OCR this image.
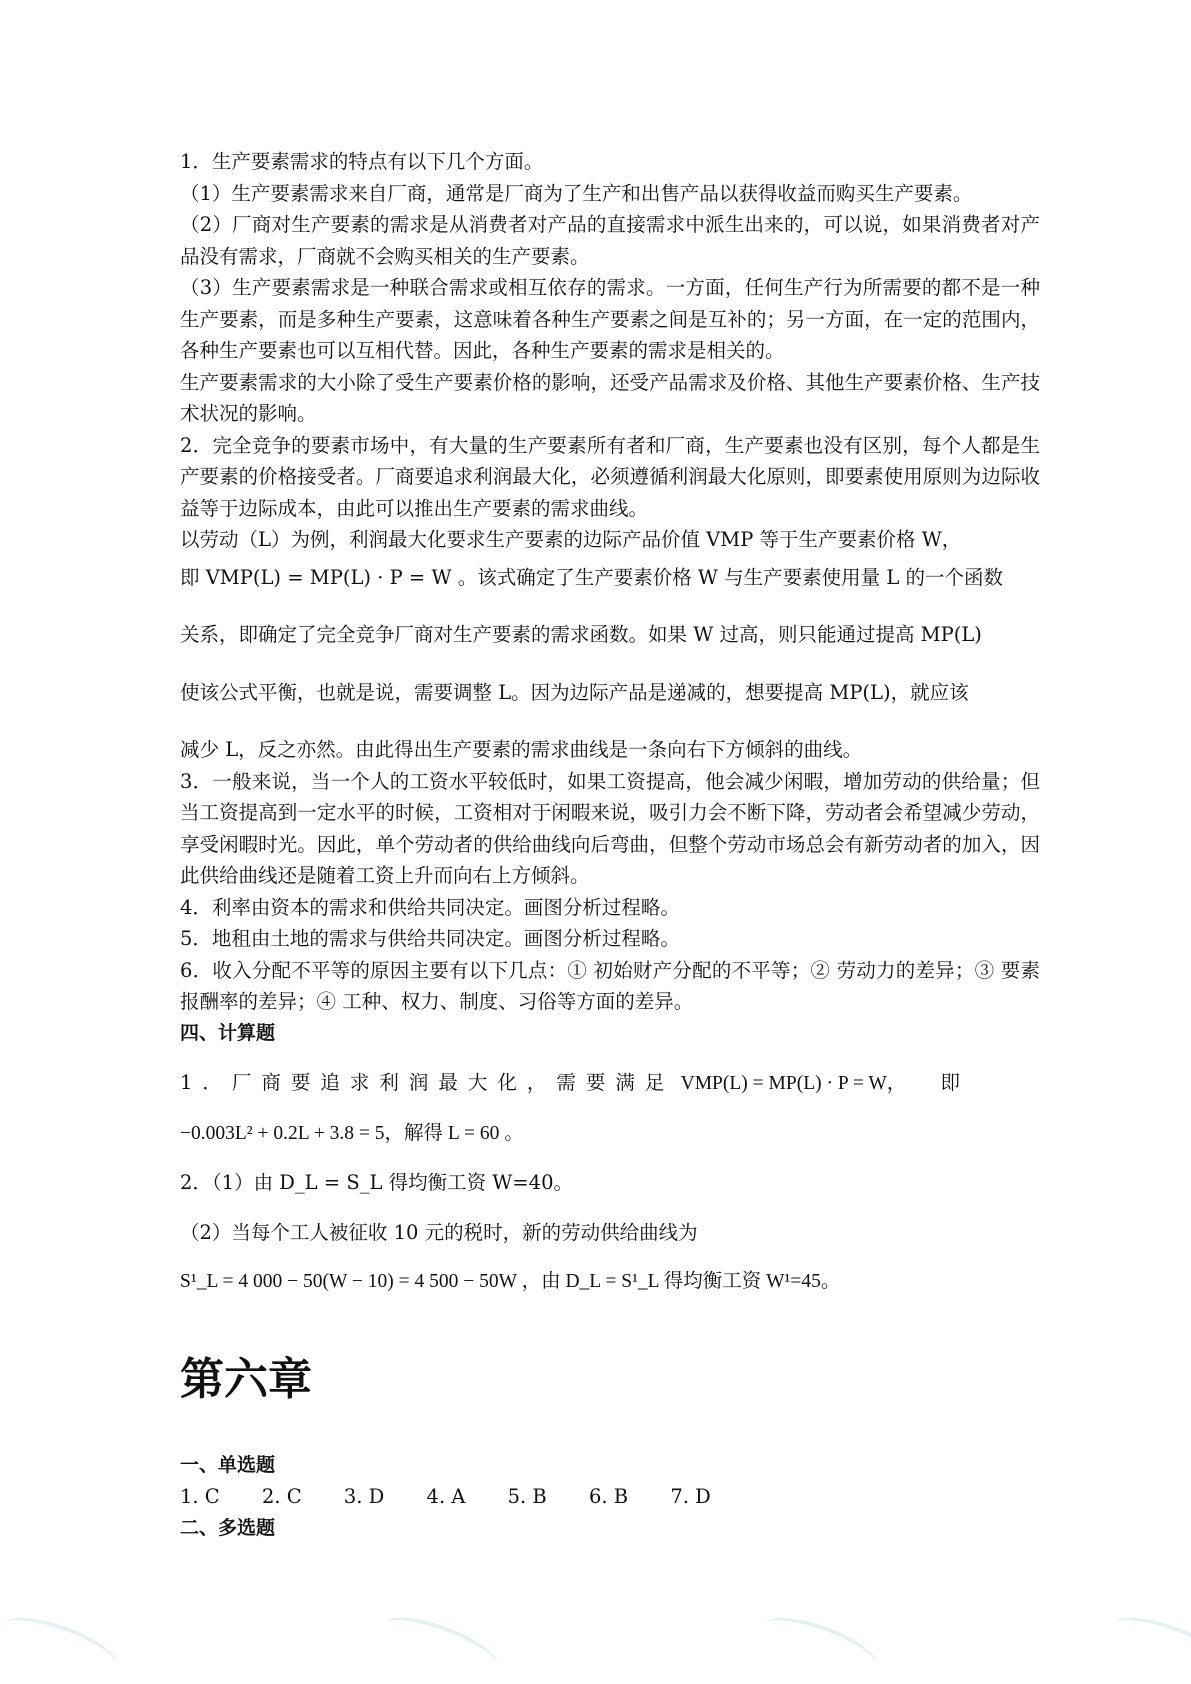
1．生产要素需求的特点有以下几个方面。

（1）生产要素需求来自厂商，通常是厂商为了生产和出售产品以获得收益而购买生产要素。

（2）厂商对生产要素的需求是从消费者对产品的直接需求中派生出来的，可以说，如果消费者对产品没有需求，厂商就不会购买相关的生产要素。

（3）生产要素需求是一种联合需求或相互依存的需求。一方面，任何生产行为所需要的都不是一种生产要素，而是多种生产要素，这意味着各种生产要素之间是互补的；另一方面，在一定的范围内，各种生产要素也可以互相代替。因此，各种生产要素的需求是相关的。

生产要素需求的大小除了受生产要素价格的影响，还受产品需求及价格、其他生产要素价格、生产技术状况的影响。

2．完全竞争的要素市场中，有大量的生产要素所有者和厂商，生产要素也没有区别，每个人都是生产要素的价格接受者。厂商要追求利润最大化，必须遵循利润最大化原则，即要素使用原则为边际收益等于边际成本，由此可以推出生产要素的需求曲线。

以劳动（L）为例，利润最大化要求生产要素的边际产品价值 VMP 等于生产要素价格 W，

即 VMP(L) = MP(L) · P = W 。该式确定了生产要素价格 W 与生产要素使用量 L 的一个函数

关系，即确定了完全竞争厂商对生产要素的需求函数。如果 W 过高，则只能通过提高 MP(L)

使该公式平衡，也就是说，需要调整 L。因为边际产品是递减的，想要提高 MP(L)，就应该

减少 L，反之亦然。由此得出生产要素的需求曲线是一条向右下方倾斜的曲线。

3．一般来说，当一个人的工资水平较低时，如果工资提高，他会减少闲暇，增加劳动的供给量；但当工资提高到一定水平的时候，工资相对于闲暇来说，吸引力会不断下降，劳动者会希望减少劳动，享受闲暇时光。因此，单个劳动者的供给曲线向后弯曲，但整个劳动市场总会有新劳动者的加入，因此供给曲线还是随着工资上升而向右上方倾斜。

4．利率由资本的需求和供给共同决定。画图分析过程略。

5．地租由土地的需求与供给共同决定。画图分析过程略。

6．收入分配不平等的原因主要有以下几点：① 初始财产分配的不平等；② 劳动力的差异；③ 要素报酬率的差异；④ 工种、权力、制度、习俗等方面的差异。

四、计算题

1．厂商要追求利润最大化，需要满足 VMP(L) = MP(L) · P = W， 即

−0.003L² + 0.2L + 3.8 = 5，解得 L = 60 。

2．（1）由 D_L = S_L 得均衡工资 W=40。

（2）当每个工人被征收 10 元的税时，新的劳动供给曲线为

S¹_L = 4 000 − 50(W − 10) = 4 500 − 50W ，由 D_L = S¹_L 得均衡工资 W¹=45。

第六章

一、单选题

1. C 2. C 3. D 4. A 5. B 6. B 7. D

二、多选题
